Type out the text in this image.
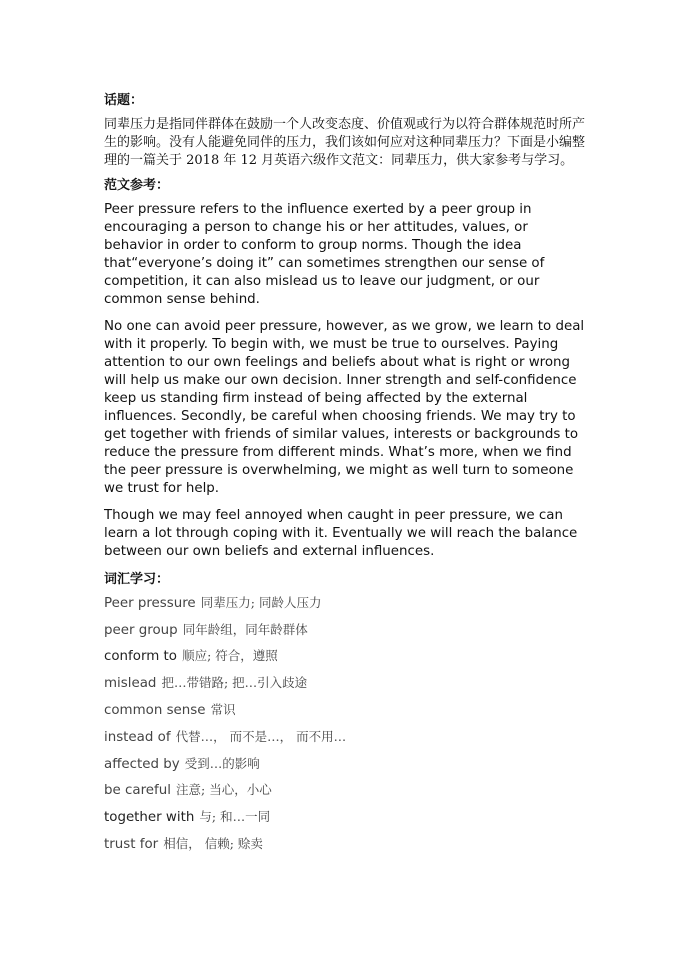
话题：
同辈压力是指同伴群体在鼓励一个人改变态度、价值观或行为以符合群体规范时所产生的影响。没有人能避免同伴的压力，我们该如何应对这种同辈压力？下面是小编整理的一篇关于 2018 年 12 月英语六级作文范文：同辈压力，供大家参考与学习。
范文参考：

Peer pressure refers to the influence exerted by a peer group in encouraging a person to change his or her attitudes, values, or behavior in order to conform to group norms. Though the idea that“everyone’s doing it” can sometimes strengthen our sense of competition, it can also mislead us to leave our judgment, or our common sense behind.

No one can avoid peer pressure, however, as we grow, we learn to deal with it properly. To begin with, we must be true to ourselves. Paying attention to our own feelings and beliefs about what is right or wrong will help us make our own decision. Inner strength and self-confidence keep us standing firm instead of being affected by the external influences. Secondly, be careful when choosing friends. We may try to get together with friends of similar values, interests or backgrounds to reduce the pressure from different minds. What’s more, when we find the peer pressure is overwhelming, we might as well turn to someone we trust for help.

Though we may feel annoyed when caught in peer pressure, we can learn a lot through coping with it. Eventually we will reach the balance between our own beliefs and external influences.

词汇学习：
Peer pressure 同辈压力; 同龄人压力
peer group 同年龄组，同年龄群体
conform to 顺应; 符合，遵照
mislead 把…带错路; 把…引入歧途
common sense 常识
instead of 代替…， 而不是…， 而不用…
affected by 受到…的影响
be careful 注意; 当心，小心
together with 与; 和…一同
trust for 相信， 信赖; 赊卖
